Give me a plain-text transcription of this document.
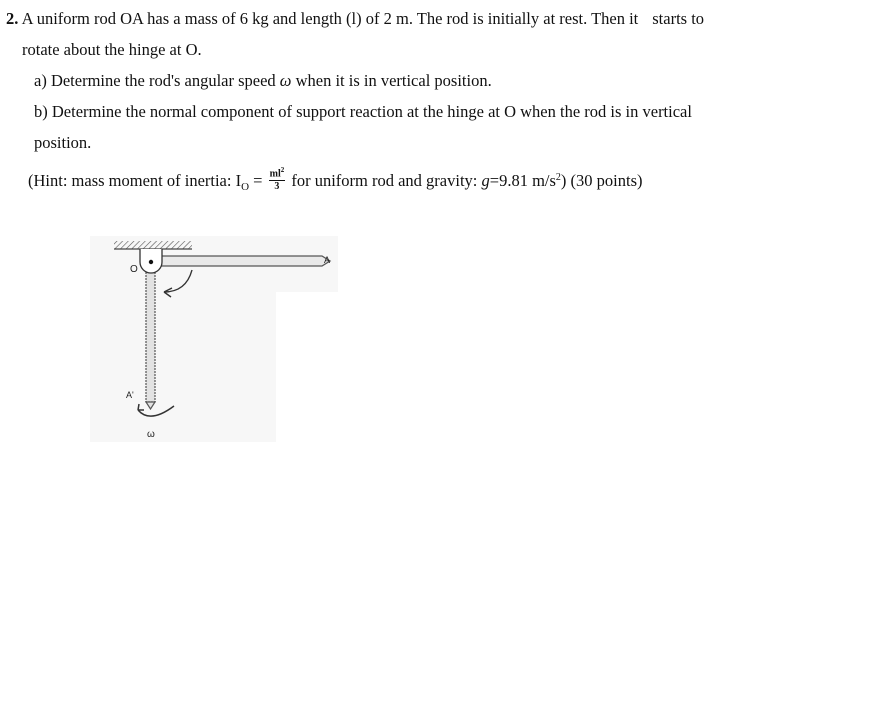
2. A uniform rod OA has a mass of 6 kg and length (l) of 2 m. The rod is initially at rest. Then it starts to
rotate about the hinge at O.
a) Determine the rod's angular speed ω when it is in vertical position.
b) Determine the normal component of support reaction at the hinge at O when the rod is in vertical
position.
(Hint: mass moment of inertia: $I_O = \frac{ml^2}{3}$ for uniform rod and gravity: g=9.81 $m/s^2$) (30 points)
O
A
A'
ω
